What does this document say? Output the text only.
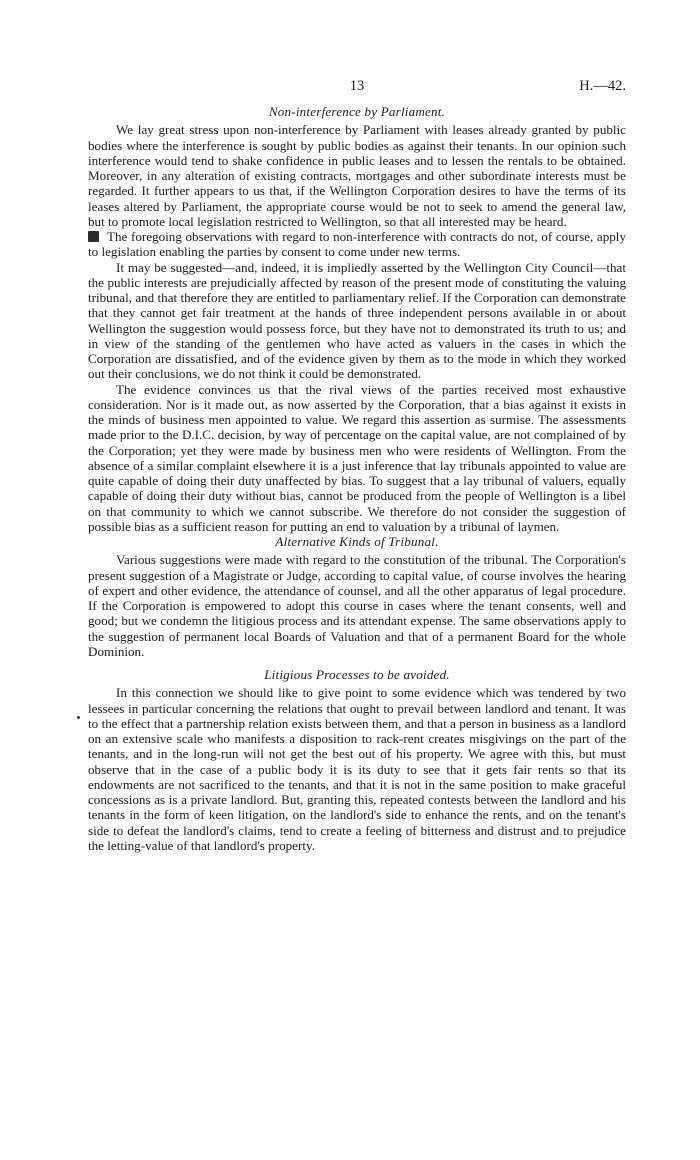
13	H.—42.
Non-interference by Parliament.

We lay great stress upon non-interference by Parliament with leases already granted by public bodies where the interference is sought by public bodies as against their tenants. In our opinion such interference would tend to shake confidence in public leases and to lessen the rentals to be obtained. Moreover, in any alteration of existing contracts, mortgages and other subordinate interests must be regarded. It further appears to us that, if the Wellington Corporation desires to have the terms of its leases altered by Parliament, the appropriate course would be not to seek to amend the general law, but to promote local legislation restricted to Wellington, so that all interested may be heard.

The foregoing observations with regard to non-interference with contracts do not, of course, apply to legislation enabling the parties by consent to come under new terms.

It may be suggested—and, indeed, it is impliedly asserted by the Wellington City Council—that the public interests are prejudicially affected by reason of the present mode of constituting the valuing tribunal, and that therefore they are entitled to parliamentary relief. If the Corporation can demonstrate that they cannot get fair treatment at the hands of three independent persons available in or about Wellington the suggestion would possess force, but they have not to demonstrated its truth to us; and in view of the standing of the gentlemen who have acted as valuers in the cases in which the Corporation are dissatisfied, and of the evidence given by them as to the mode in which they worked out their conclusions, we do not think it could be demonstrated.

The evidence convinces us that the rival views of the parties received most exhaustive consideration. Nor is it made out, as now asserted by the Corporation, that a bias against it exists in the minds of business men appointed to value. We regard this assertion as surmise. The assessments made prior to the D.I.C. decision, by way of percentage on the capital value, are not complained of by the Corporation; yet they were made by business men who were residents of Wellington. From the absence of a similar complaint elsewhere it is a just inference that lay tribunals appointed to value are quite capable of doing their duty unaffected by bias. To suggest that a lay tribunal of valuers, equally capable of doing their duty without bias, cannot be produced from the people of Wellington is a libel on that community to which we cannot subscribe. We therefore do not consider the suggestion of possible bias as a sufficient reason for putting an end to valuation by a tribunal of laymen.

Alternative Kinds of Tribunal.

Various suggestions were made with regard to the constitution of the tribunal. The Corporation's present suggestion of a Magistrate or Judge, according to capital value, of course involves the hearing of expert and other evidence, the attendance of counsel, and all the other apparatus of legal procedure. If the Corporation is empowered to adopt this course in cases where the tenant consents, well and good; but we condemn the litigious process and its attendant expense. The same observations apply to the suggestion of permanent local Boards of Valuation and that of a permanent Board for the whole Dominion.

Litigious Processes to be avoided.

In this connection we should like to give point to some evidence which was tendered by two lessees in particular concerning the relations that ought to prevail between landlord and tenant. It was to the effect that a partnership relation exists between them, and that a person in business as a landlord on an extensive scale who manifests a disposition to rack-rent creates misgivings on the part of the tenants, and in the long-run will not get the best out of his property. We agree with this, but must observe that in the case of a public body it is its duty to see that it gets fair rents so that its endowments are not sacrificed to the tenants, and that it is not in the same position to make graceful concessions as is a private landlord. But, granting this, repeated contests between the landlord and his tenants in the form of keen litigation, on the landlord's side to enhance the rents, and on the tenant's side to defeat the landlord's claims, tend to create a feeling of bitterness and distrust and to prejudice the letting-value of that landlord's property.
